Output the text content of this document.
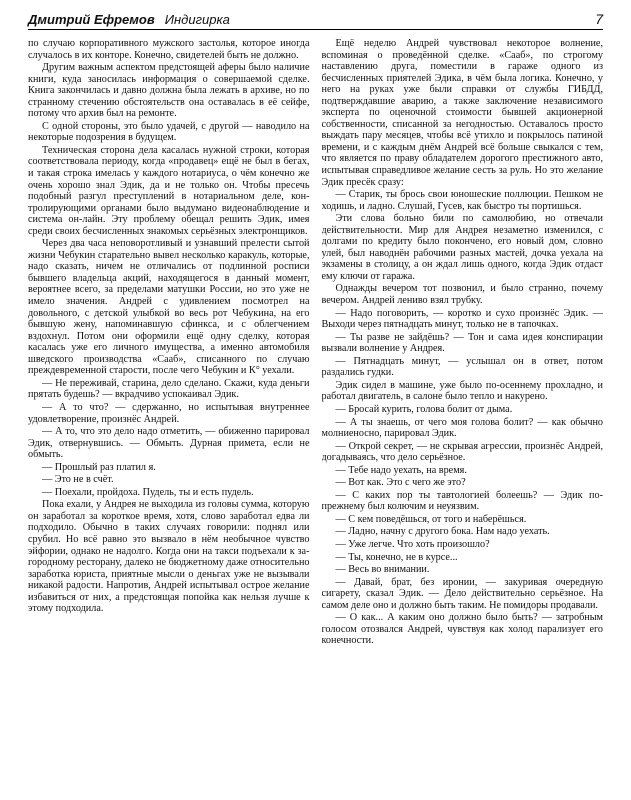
Дмитрий Ефремов Индигирка	7

по случаю корпоративного мужского застолья, которое иногда случалось в их конторе. Конечно, свидетелей быть не должно.

Другим важным аспектом предстоящей аферы было наличие книги, куда заносилась информация о совершаемой сделке. Книга закончилась и давно должна была лежать в архиве, но по странному стечению обстоятельств она оставалась в её сейфе, потому что архив был на ремонте.

С одной стороны, это было удачей, с другой — наводило на некоторые подозрения в будущем.

Техническая сторона дела касалась нужной строки, которая соответствовала периоду, когда «продавец» ещё не был в бегах, и такая строка имелась у каждого нотариуса, о чём конечно же очень хорошо знал Эдик, да и не только он. Чтобы пресечь подобный разгул преступлений в нотариальном деле, контролирующими органами было выдумано видеонаблюдение и система он-лайн. Эту проблему обещал решить Эдик, имея среди своих бесчисленных знакомых серьёзных электронщиков.

Через два часа неповоротливый и узнавший прелести сытой жизни Чебукин старательно вывел несколько каракуль, которые, надо сказать, ничем не отличались от подлинной росписи бывшего владельца акций, находящегося в данный момент, вероятнее всего, за пределами матушки России, но это уже не имело значения. Андрей с удивлением посмотрел на довольного, с детской улыбкой во весь рот Чебукина, на его бывшую жену, напоминавшую сфинкса, и с облегчением вздохнул. Потом они оформили ещё одну сделку, которая касалась уже его личного имущества, а именно автомобиля шведского производства «Сааб», списанного по случаю преждевременной старости, после чего Чебукин и К° уехали.

— Не переживай, старина, дело сделано. Скажи, куда деньги прятать будешь? — вкрадчиво успокаивал Эдик.

— А то что? — сдержанно, но испытывая внутреннее удовлетворение, произнёс Андрей.

— А то, что это дело надо отметить, — обиженно парировал Эдик, отвернувшись. — Обмыть. Дурная примета, если не обмыть.

— Прошлый раз платил я.

— Это не в счёт.

— Поехали, пройдоха. Пудель, ты и есть пудель.

Пока ехали, у Андрея не выходила из головы сумма, которую он заработал за короткое время, хотя, слово заработал едва ли подходило. Обычно в таких случаях говорили: поднял или срубил. Но всё равно это вызвало в нём необычное чувство эйфории, однако не надолго. Когда они на такси подъехали к загородному ресторану, далеко не бюджетному даже относительно заработка юриста, приятные мысли о деньгах уже не вызывали никакой радости. Напротив, Андрей испытывал острое желание избавиться от них, а предстоящая попойка как нельзя лучше к этому подходила.

Ещё неделю Андрей чувствовал некоторое волнение, вспоминая о проведённой сделке. «Сааб», по строгому наставлению друга, поместили в гараже одного из бесчисленных приятелей Эдика, в чём была логика. Конечно, у него на руках уже были справки от службы ГИБДД, подтверждавшие аварию, а также заключение независимого эксперта по оценочной стоимости бывшей акционерной собственности, списанной за негодностью. Оставалось просто выждать пару месяцев, чтобы всё утихло и покрылось патиной времени, и с каждым днём Андрей всё больше свыкался с тем, что является по праву обладателем дорогого престижного авто, испытывая справедливое желание сесть за руль. Но это желание Эдик пресёк сразу:

— Старик, ты брось свои юношеские поллюции. Пешком не ходишь, и ладно. Слушай, Гусев, как быстро ты портишься.

Эти слова больно били по самолюбию, но отвечали действительности. Мир для Андрея незаметно изменился, с долгами по кредиту было покончено, его новый дом, словно улей, был наводнён рабочими разных мастей, дочка уехала на экзамены в столицу, а он ждал лишь одного, когда Эдик отдаст ему ключи от гаража.

Однажды вечером тот позвонил, и было странно, почему вечером. Андрей лениво взял трубку.

— Надо поговорить, — коротко и сухо произнёс Эдик. — Выходи через пятнадцать минут, только не в тапочках.

— Ты разве не зайдёшь? — Тон и сама идея конспирации вызвали волнение у Андрея.

— Пятнадцать минут, — услышал он в ответ, потом раздались гудки.

Эдик сидел в машине, уже было по-осеннему прохладно, и работал двигатель, в салоне было тепло и накурено.

— Бросай курить, голова болит от дыма.

— А ты знаешь, от чего моя голова болит? — как обычно молниеносно, парировал Эдик.

— Открой секрет, — не скрывая агрессии, произнёс Андрей, догадываясь, что дело серьёзное.

— Тебе надо уехать, на время.

— Вот как. Это с чего же это?

— С каких пор ты тавтологией болеешь? — Эдик по-прежнему был колючим и неуязвим.

— С кем поведёшься, от того и наберёшься.

— Ладно, начну с другого бока. Нам надо уехать.

— Уже легче. Что хоть произошло?

— Ты, конечно, не в курсе...

— Весь во внимании.

— Давай, брат, без иронии, — закуривая очередную сигарету, сказал Эдик. — Дело действительно серьёзное. На самом деле оно и должно быть таким. Не помидоры продавали.

— О как... А каким оно должно было быть? — затробным голосом отозвался Андрей, чувствуя как холод парализует его конечности.
